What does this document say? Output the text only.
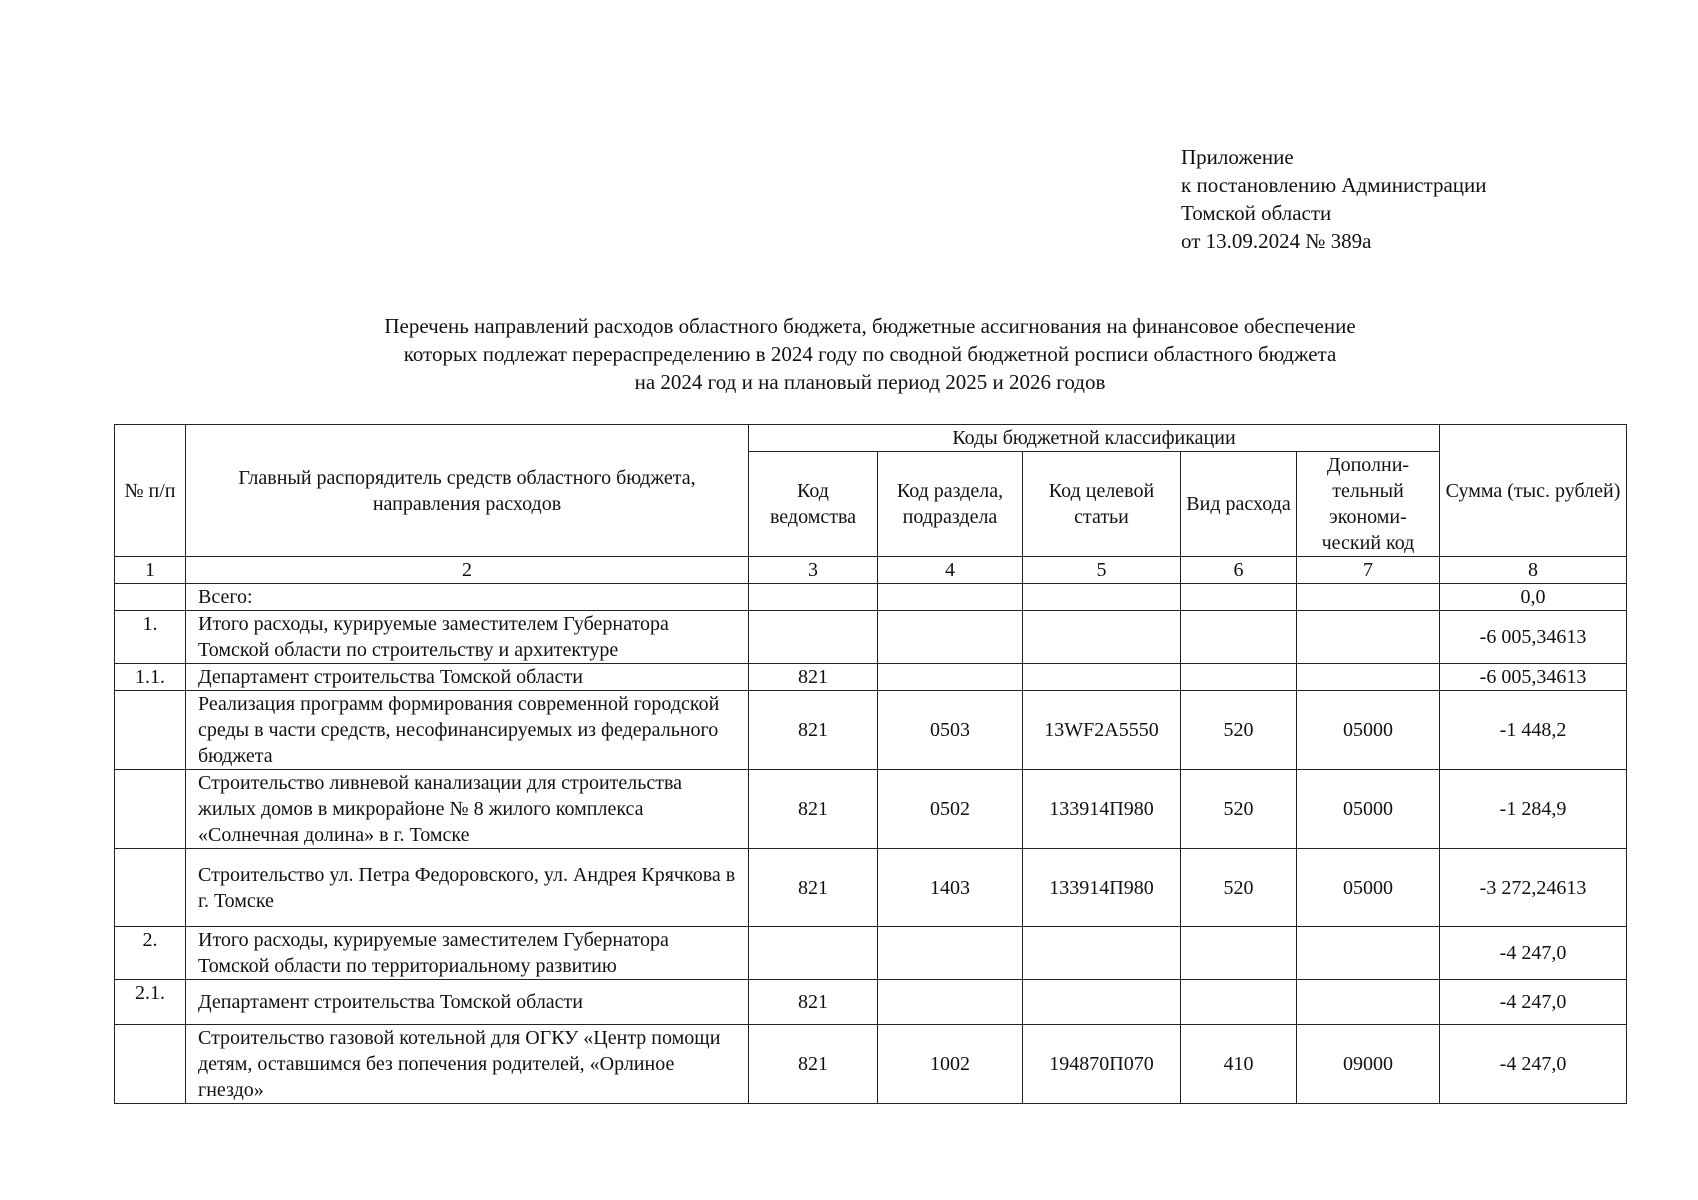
Приложение
к постановлению Администрации
Томской области
от 13.09.2024 № 389а
Перечень направлений расходов областного бюджета, бюджетные ассигнования на финансовое обеспечение
которых подлежат перераспределению в 2024 году по сводной бюджетной росписи областного бюджета
на 2024 год и на плановый период 2025 и 2026 годов
№ п/п	Главный распорядитель средств областного бюджета, направления расходов	Коды бюджетной классификации					Сумма (тыс. рублей)
		Код ведомства	Код раздела, подраздела	Код целевой статьи	Вид расхода	Дополни-тельный экономи-ческий код	
1	2	3	4	5	6	7	8
	Всего:						0,0
1.	Итого расходы, курируемые заместителем Губернатора Томской области по строительству и архитектуре						-6 005,34613
1.1.	Департамент строительства Томской области	821					-6 005,34613
	Реализация программ формирования современной городской среды в части средств, несофинансируемых из федерального бюджета	821	0503	13WF2A5550	520	05000	-1 448,2
	Строительство ливневой канализации для строительства жилых домов в микрорайоне № 8 жилого комплекса «Солнечная долина» в г. Томске	821	0502	133914П980	520	05000	-1 284,9
	Строительство ул. Петра Федоровского, ул. Андрея Крячкова в г. Томске	821	1403	133914П980	520	05000	-3 272,24613
2.	Итого расходы, курируемые заместителем Губернатора Томской области по территориальному развитию						-4 247,0
2.1.	Департамент строительства Томской области	821					-4 247,0
	Строительство газовой котельной для ОГКУ «Центр помощи детям, оставшимся без попечения родителей, «Орлиное гнездо»	821	1002	194870П070	410	09000	-4 247,0
